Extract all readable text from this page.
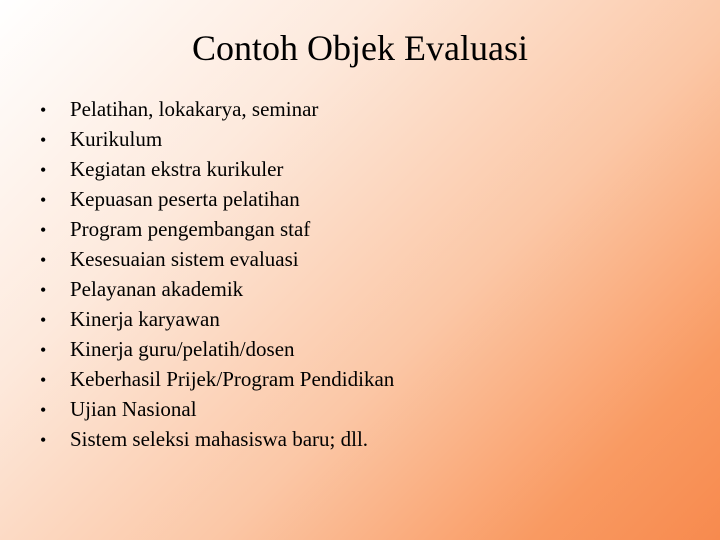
Contoh Objek Evaluasi
•	Pelatihan, lokakarya, seminar
•	Kurikulum
•	Kegiatan ekstra kurikuler
•	Kepuasan peserta pelatihan
•	Program pengembangan staf
•	Kesesuaian sistem evaluasi
•	Pelayanan akademik
•	Kinerja karyawan
•	Kinerja guru/pelatih/dosen
•	Keberhasil Prijek/Program Pendidikan
•	Ujian Nasional
•	Sistem seleksi mahasiswa baru; dll.
